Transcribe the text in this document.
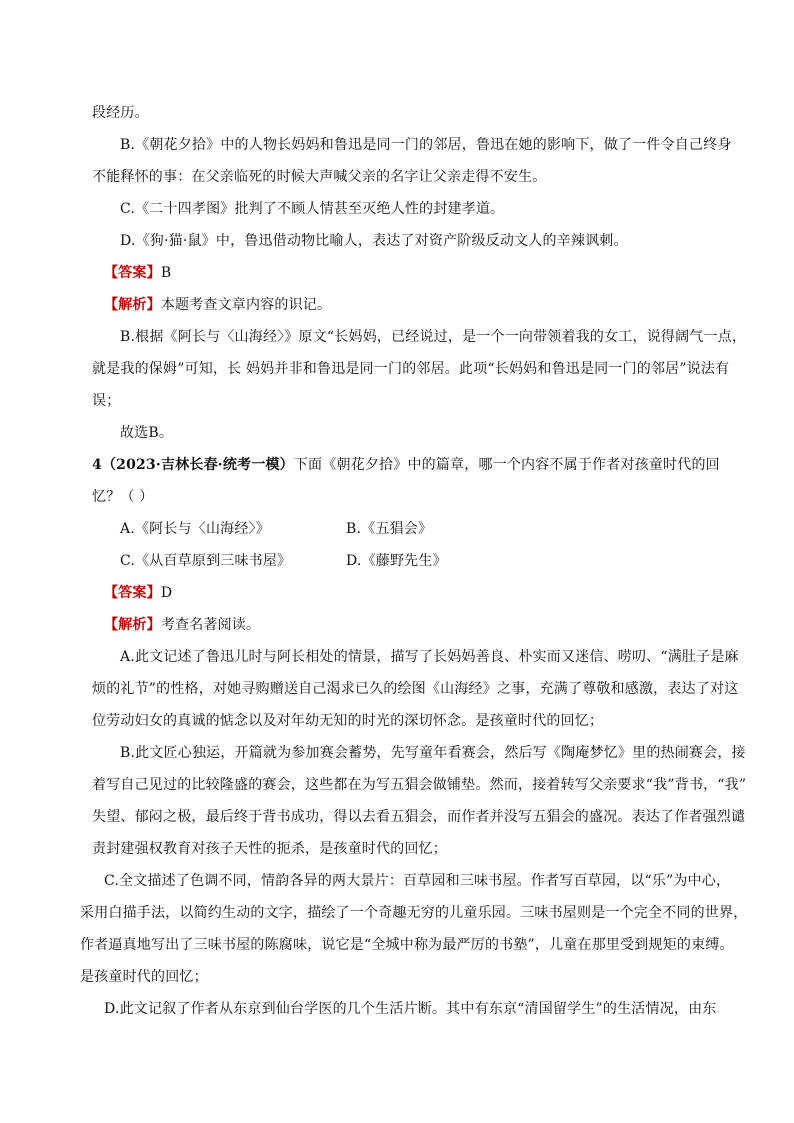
段经历。
B.《朝花夕拾》中的人物长妈妈和鲁迅是同一门的邻居，鲁迅在她的影响下，做了一件令自己终身
不能释怀的事：在父亲临死的时候大声喊父亲的名字让父亲走得不安生。
C.《二十四孝图》批判了不顾人情甚至灭绝人性的封建孝道。
D.《狗·猫·鼠》中，鲁迅借动物比喻人，表达了对资产阶级反动文人的辛辣讽刺。
【答案】B
【解析】本题考查文章内容的识记。
B.根据《阿长与〈山海经〉》原文“长妈妈，已经说过，是一个一向带领着我的女工，说得阔气一点，
就是我的保姆”可知，长 妈妈并非和鲁迅是同一门的邻居。此项“长妈妈和鲁迅是同一门的邻居”说法有
误；
故选B。
4（2023·吉林长春·统考一模）下面《朝花夕拾》中的篇章，哪一个内容不属于作者对孩童时代的回
忆？（ ）
A.《阿长与〈山海经〉》	B.《五猖会》
C.《从百草原到三味书屋》	D.《藤野先生》
【答案】D
【解析】考查名著阅读。
A.此文记述了鲁迅儿时与阿长相处的情景，描写了长妈妈善良、朴实而又迷信、唠叨、“满肚子是麻
烦的礼节”的性格，对她寻购赠送自己渴求已久的绘图《山海经》之事，充满了尊敬和感激，表达了对这
位劳动妇女的真诚的惦念以及对年幼无知的时光的深切怀念。是孩童时代的回忆；
B.此文匠心独运，开篇就为参加赛会蓄势，先写童年看赛会，然后写《陶庵梦忆》里的热闹赛会，接
着写自己见过的比较隆盛的赛会，这些都在为写五猖会做铺垫。然而，接着转写父亲要求“我”背书，“我”
失望、郁闷之极，最后终于背书成功，得以去看五猖会，而作者并没写五猖会的盛况。表达了作者强烈谴
责封建强权教育对孩子天性的扼杀，是孩童时代的回忆；
C.全文描述了色调不同，情韵各异的两大景片：百草园和三味书屋。作者写百草园，以“乐”为中心，
采用白描手法，以简约生动的文字，描绘了一个奇趣无穷的儿童乐园。三味书屋则是一个完全不同的世界，
作者逼真地写出了三味书屋的陈腐味，说它是“全城中称为最严厉的书塾”，儿童在那里受到规矩的束缚。
是孩童时代的回忆；
D.此文记叙了作者从东京到仙台学医的几个生活片断。其中有东京“清国留学生”的生活情况，由东
